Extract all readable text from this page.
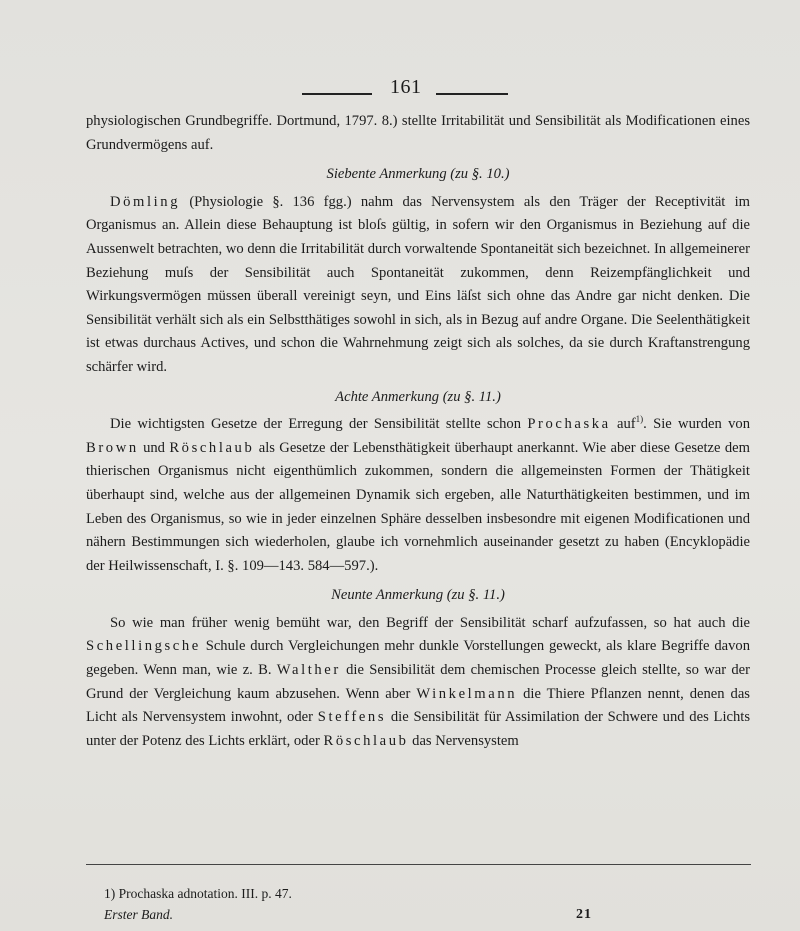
161

physiologischen Grundbegriffe. Dortmund, 1797. 8.) stellte Irritabilität und Sensibilität als Modificationen eines Grundvermögens auf.

Siebente Anmerkung (zu §. 10.)

Dömling (Physiologie §. 136 fgg.) nahm das Nervensystem als den Träger der Receptivität im Organismus an. Allein diese Behauptung ist bloſs gültig, in sofern wir den Organismus in Beziehung auf die Aussenwelt betrachten, wo denn die Irritabilität durch vorwaltende Spontaneität sich bezeichnet. In allgemeinerer Beziehung muſs der Sensibilität auch Spontaneität zukommen, denn Reizempfänglichkeit und Wirkungsvermögen müssen überall vereinigt seyn, und Eins läſst sich ohne das Andre gar nicht denken. Die Sensibilität verhält sich als ein Selbstthätiges sowohl in sich, als in Bezug auf andre Organe. Die Seelenthätigkeit ist etwas durchaus Actives, und schon die Wahrnehmung zeigt sich als solches, da sie durch Kraftanstrengung schärfer wird.

Achte Anmerkung (zu §. 11.)

Die wichtigsten Gesetze der Erregung der Sensibilität stellte schon Prochaska auf$^{1)}$. Sie wurden von Brown und Röschlaub als Gesetze der Lebensthätigkeit überhaupt anerkannt. Wie aber diese Gesetze dem thierischen Organismus nicht eigenthümlich zukommen, sondern die allgemeinsten Formen der Thätigkeit überhaupt sind, welche aus der allgemeinen Dynamik sich ergeben, alle Naturthätigkeiten bestimmen, und im Leben des Organismus, so wie in jeder einzelnen Sphäre desselben insbesondre mit eigenen Modificationen und nähern Bestimmungen sich wiederholen, glaube ich vornehmlich auseinander gesetzt zu haben (Encyklopädie der Heilwissenschaft, I. §. 109—143. 584—597.).

Neunte Anmerkung (zu §. 11.)

So wie man früher wenig bemüht war, den Begriff der Sensibilität scharf aufzufassen, so hat auch die Schellingsche Schule durch Vergleichungen mehr dunkle Vorstellungen geweckt, als klare Begriffe davon gegeben. Wenn man, wie z. B. Walther die Sensibilität dem chemischen Processe gleich stellte, so war der Grund der Vergleichung kaum abzusehen. Wenn aber Winkelmann die Thiere Pflanzen nennt, denen das Licht als Nervensystem inwohnt, oder Steffens die Sensibilität für Assimilation der Schwere und des Lichts unter der Potenz des Lichts erklärt, oder Röschlaub das Nervensystem

1) Prochaska adnotation. III. p. 47.
Erster Band.	21
